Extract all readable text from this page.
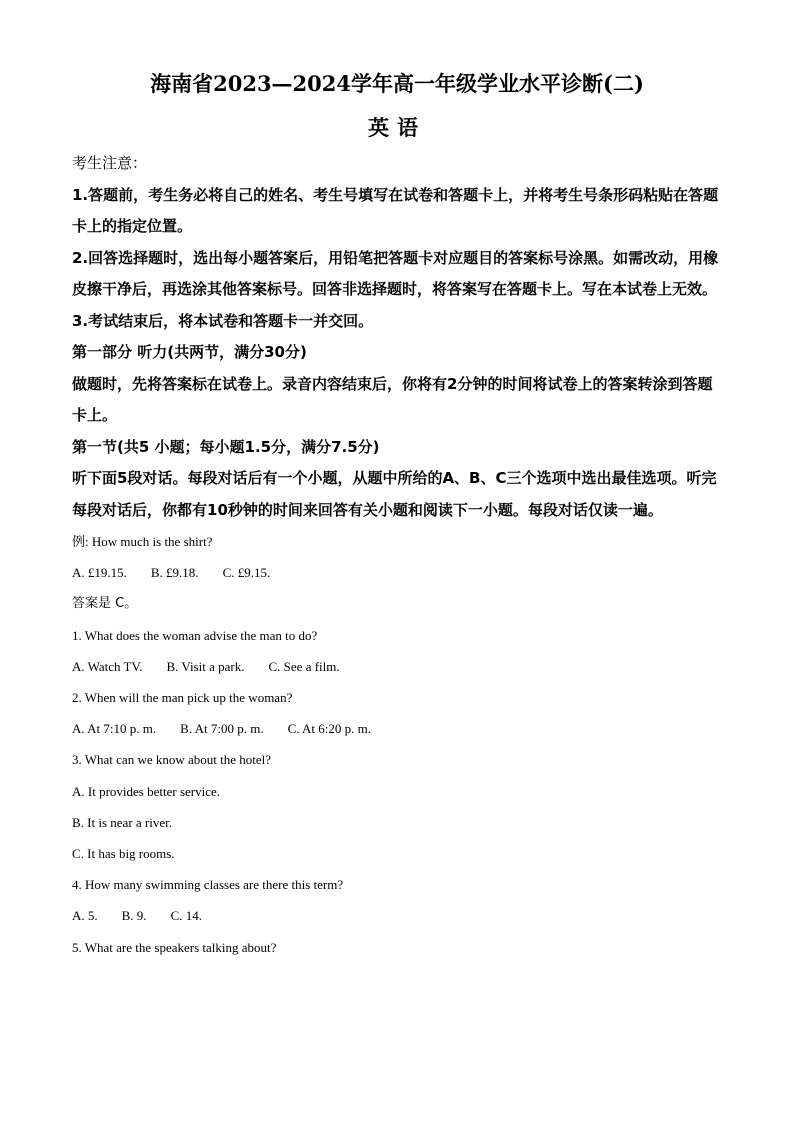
海南省2023—2024学年高一年级学业水平诊断(二)
英语

考生注意：

1.答题前，考生务必将自己的姓名、考生号填写在试卷和答题卡上，并将考生号条形码粘贴在答题卡上的指定位置。

2.回答选择题时，选出每小题答案后，用铅笔把答题卡对应题目的答案标号涂黑。如需改动，用橡皮擦干净后，再选涂其他答案标号。回答非选择题时，将答案写在答题卡上。写在本试卷上无效。

3.考试结束后，将本试卷和答题卡一并交回。

第一部分 听力(共两节，满分30分)

做题时，先将答案标在试卷上。录音内容结束后，你将有2分钟的时间将试卷上的答案转涂到答题卡上。

第一节(共5 小题；每小题1.5分，满分7.5分)

听下面5段对话。每段对话后有一个小题，从题中所给的A、B、C三个选项中选出最佳选项。听完每段对话后，你都有10秒钟的时间来回答有关小题和阅读下一小题。每段对话仅读一遍。

例: How much is the shirt?

A. £19.15. B. £9.18. C. £9.15.

答案是 C。

1. What does the woman advise the man to do?

A. Watch TV. B. Visit a park. C. See a film.

2. When will the man pick up the woman?

A. At 7:10 p. m. B. At 7:00 p. m. C. At 6:20 p. m.

3. What can we know about the hotel?

A. It provides better service.

B. It is near a river.

C. It has big rooms.

4. How many swimming classes are there this term?

A. 5. B. 9. C. 14.

5. What are the speakers talking about?
